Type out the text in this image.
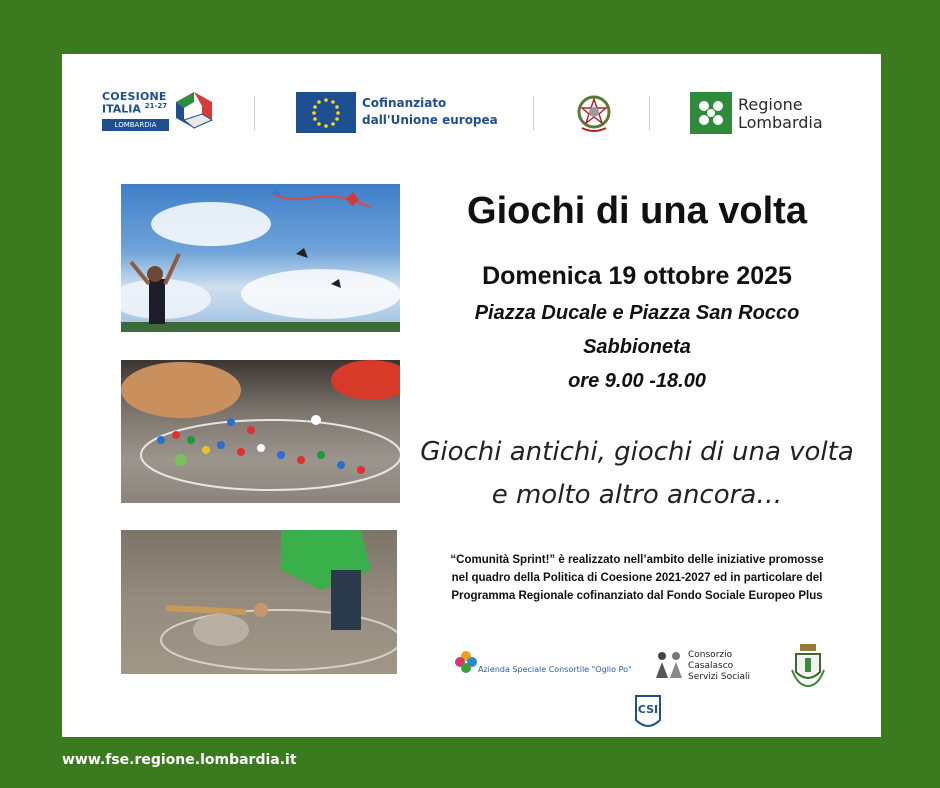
COESIONE
ITALIA $^{21-27}$
LOMBARDIA
Cofinanziato
dall'Unione europea
Regione
Lombardia
Giochi di una volta
Domenica 19 ottobre 2025
Piazza Ducale e Piazza San Rocco
Sabbioneta
ore 9.00 -18.00
Giochi antichi, giochi di una volta
e molto altro ancora…
“Comunità Sprint!” è realizzato nell’ambito delle iniziative promosse nel quadro della Politica di Coesione 2021-2027 ed in particolare del Programma Regionale cofinanziato dal Fondo Sociale Europeo Plus
Azienda Speciale Consortile "Oglio Po"
Consorzio
Casalasco
Servizi Sociali
CSI
www.fse.regione.lombardia.it
